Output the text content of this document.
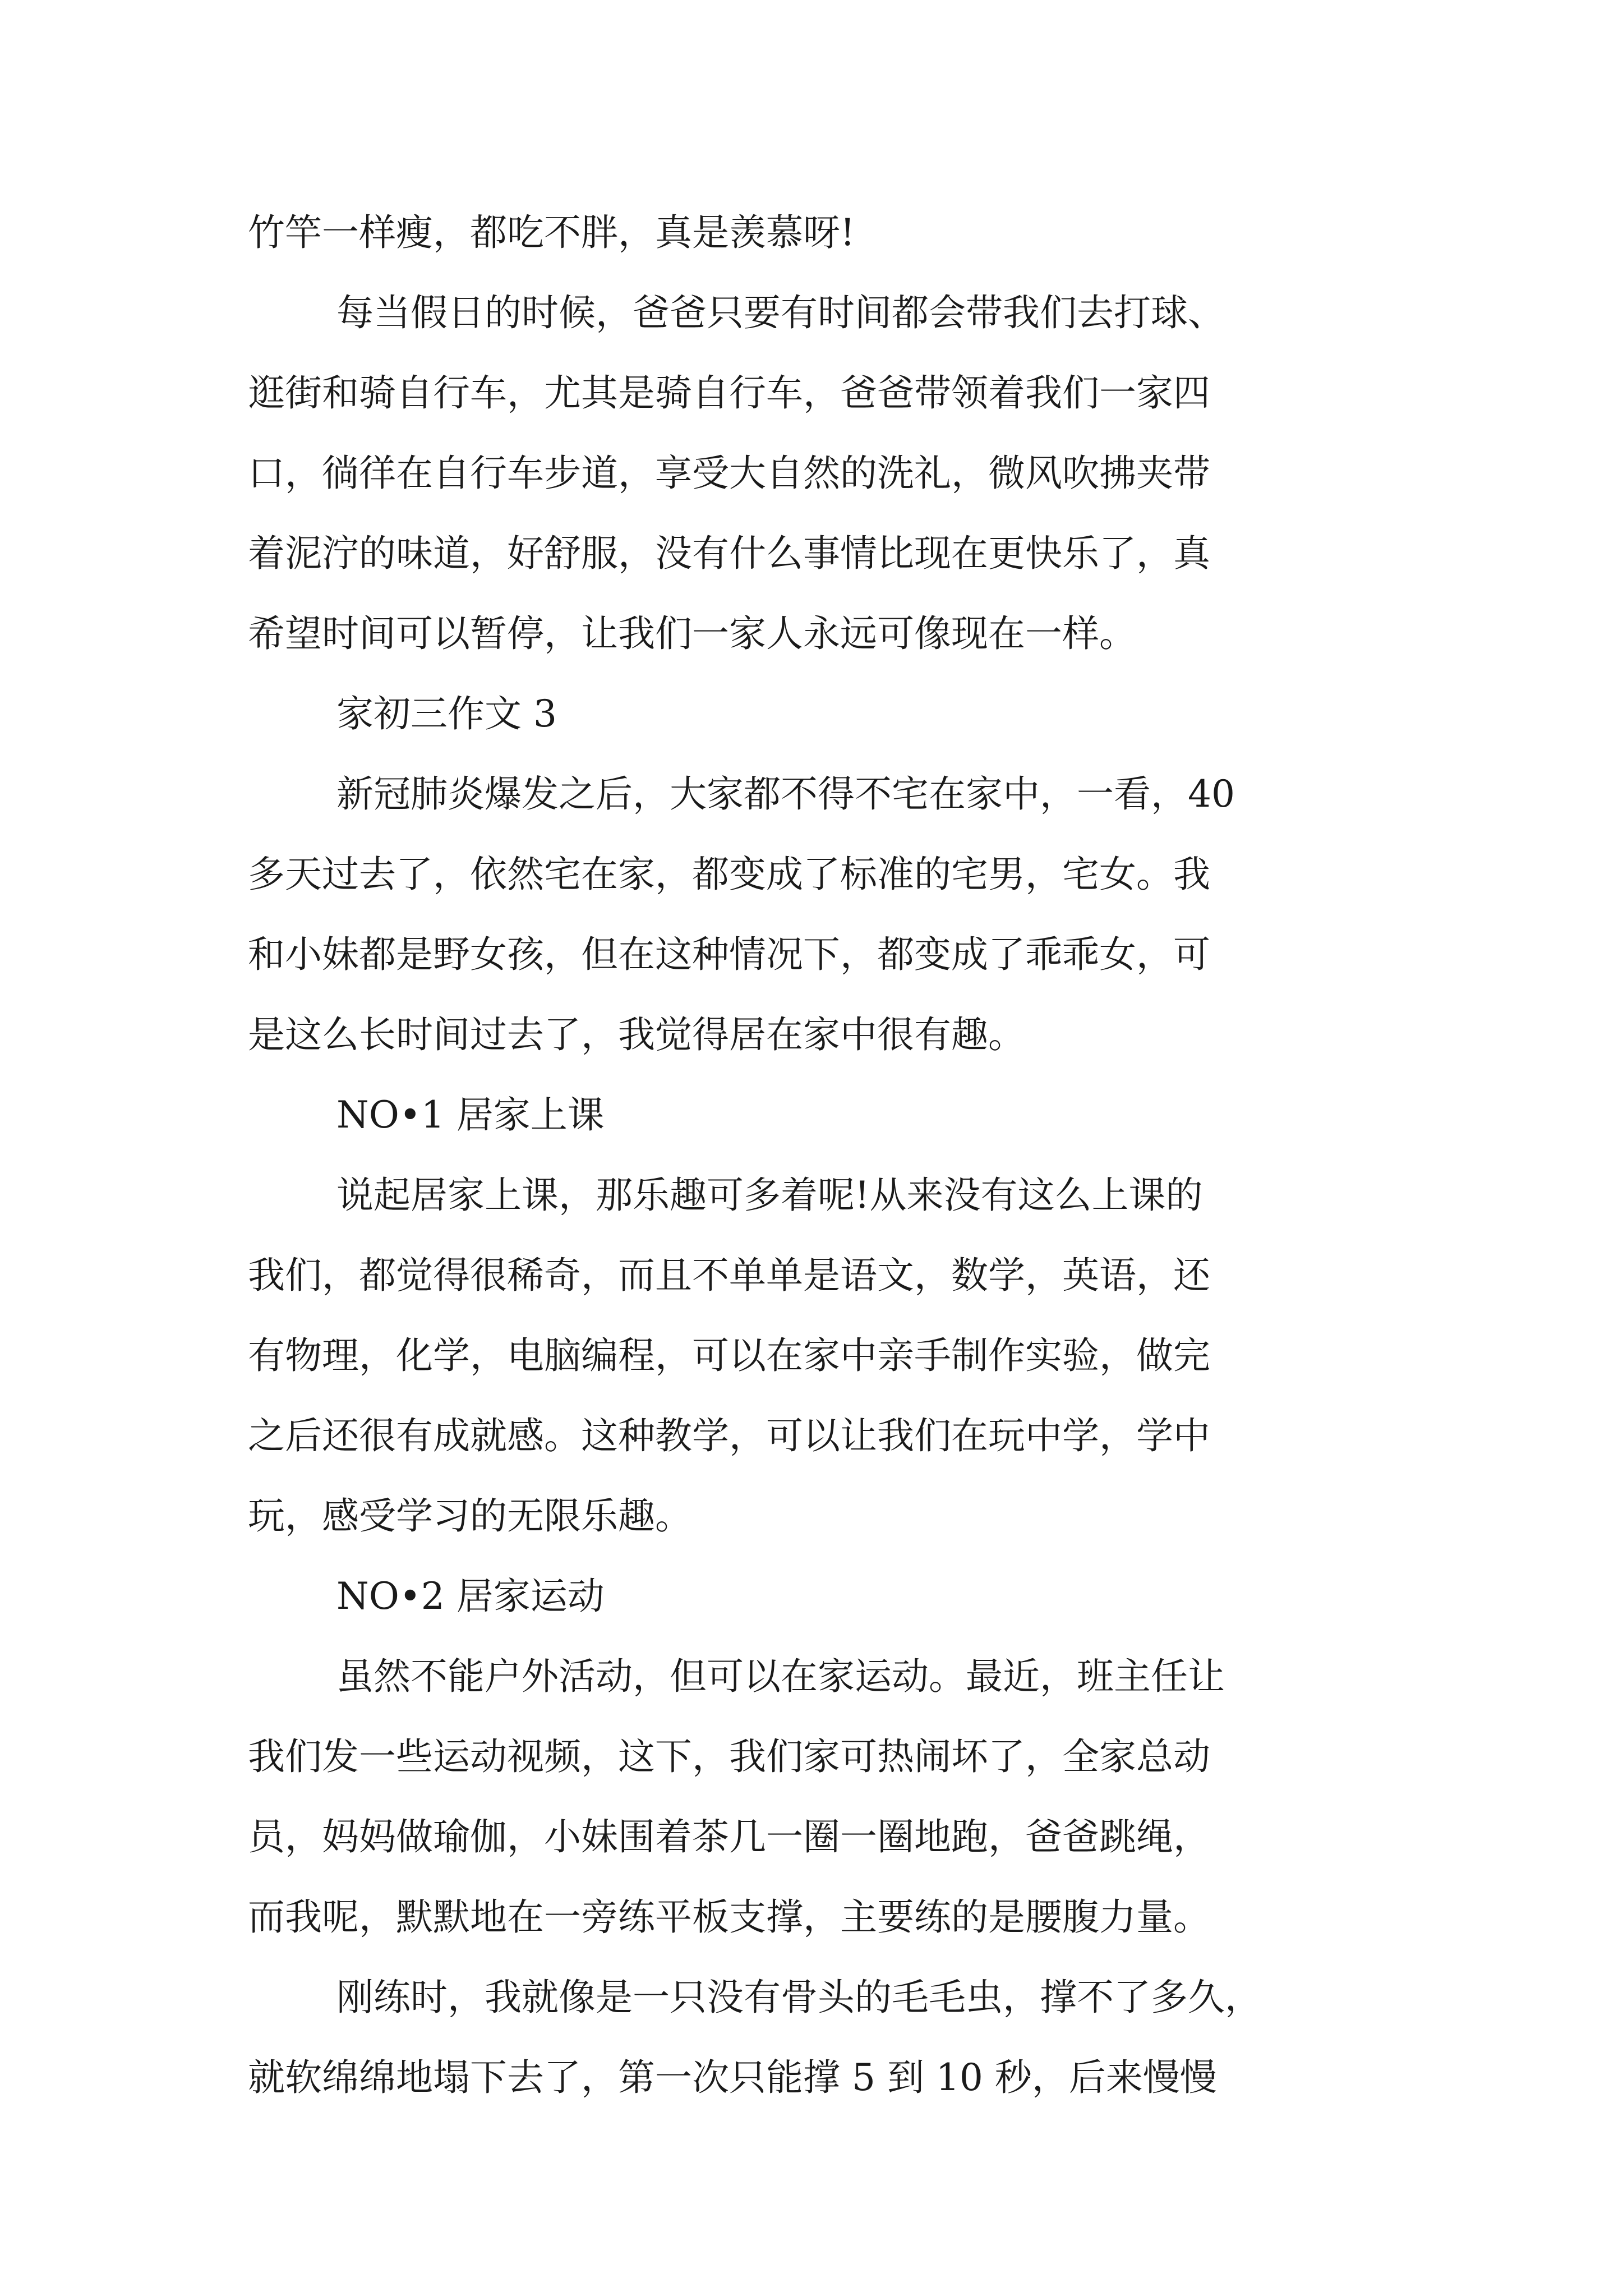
竹竿一样瘦，都吃不胖，真是羡慕呀!
每当假日的时候，爸爸只要有时间都会带我们去打球、
逛街和骑自行车，尤其是骑自行车，爸爸带领着我们一家四
口，徜徉在自行车步道，享受大自然的洗礼，微风吹拂夹带
着泥泞的味道，好舒服，没有什么事情比现在更快乐了，真
希望时间可以暂停，让我们一家人永远可像现在一样。
家初三作文 3
新冠肺炎爆发之后，大家都不得不宅在家中，一看，40
多天过去了，依然宅在家，都变成了标准的宅男，宅女。我
和小妹都是野女孩，但在这种情况下，都变成了乖乖女，可
是这么长时间过去了，我觉得居在家中很有趣。
NO•1 居家上课
说起居家上课，那乐趣可多着呢!从来没有这么上课的
我们，都觉得很稀奇，而且不单单是语文，数学，英语，还
有物理，化学，电脑编程，可以在家中亲手制作实验，做完
之后还很有成就感。这种教学，可以让我们在玩中学，学中
玩，感受学习的无限乐趣。
NO•2 居家运动
虽然不能户外活动，但可以在家运动。最近，班主任让
我们发一些运动视频，这下，我们家可热闹坏了，全家总动
员，妈妈做瑜伽，小妹围着茶几一圈一圈地跑，爸爸跳绳，
而我呢，默默地在一旁练平板支撑，主要练的是腰腹力量。
刚练时，我就像是一只没有骨头的毛毛虫，撑不了多久，
就软绵绵地塌下去了，第一次只能撑 5 到 10 秒，后来慢慢
